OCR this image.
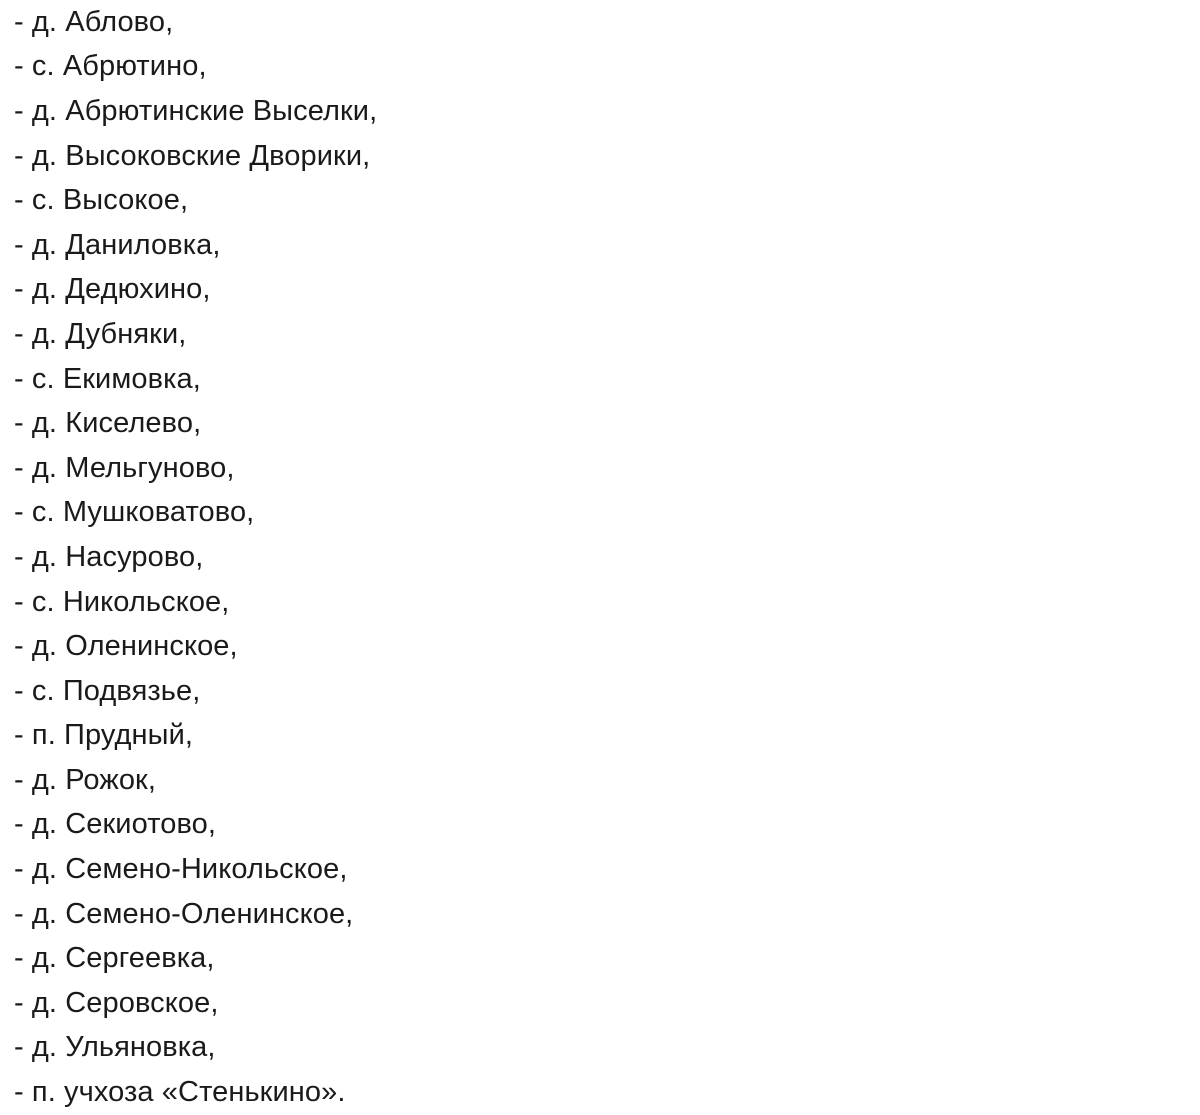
- д. Аблово,
- с. Абрютино,
- д. Абрютинские Выселки,
- д. Высоковские Дворики,
- с. Высокое,
- д. Даниловка,
- д. Дедюхино,
- д. Дубняки,
- с. Екимовка,
- д. Киселево,
- д. Мельгуново,
- с. Мушковатово,
- д. Насурово,
- с. Никольское,
- д. Оленинское,
- с. Подвязье,
- п. Прудный,
- д. Рожок,
- д. Секиотово,
- д. Семено-Никольское,
- д. Семено-Оленинское,
- д. Сергеевка,
- д. Серовское,
- д. Ульяновка,
- п. учхоза «Стенькино».
